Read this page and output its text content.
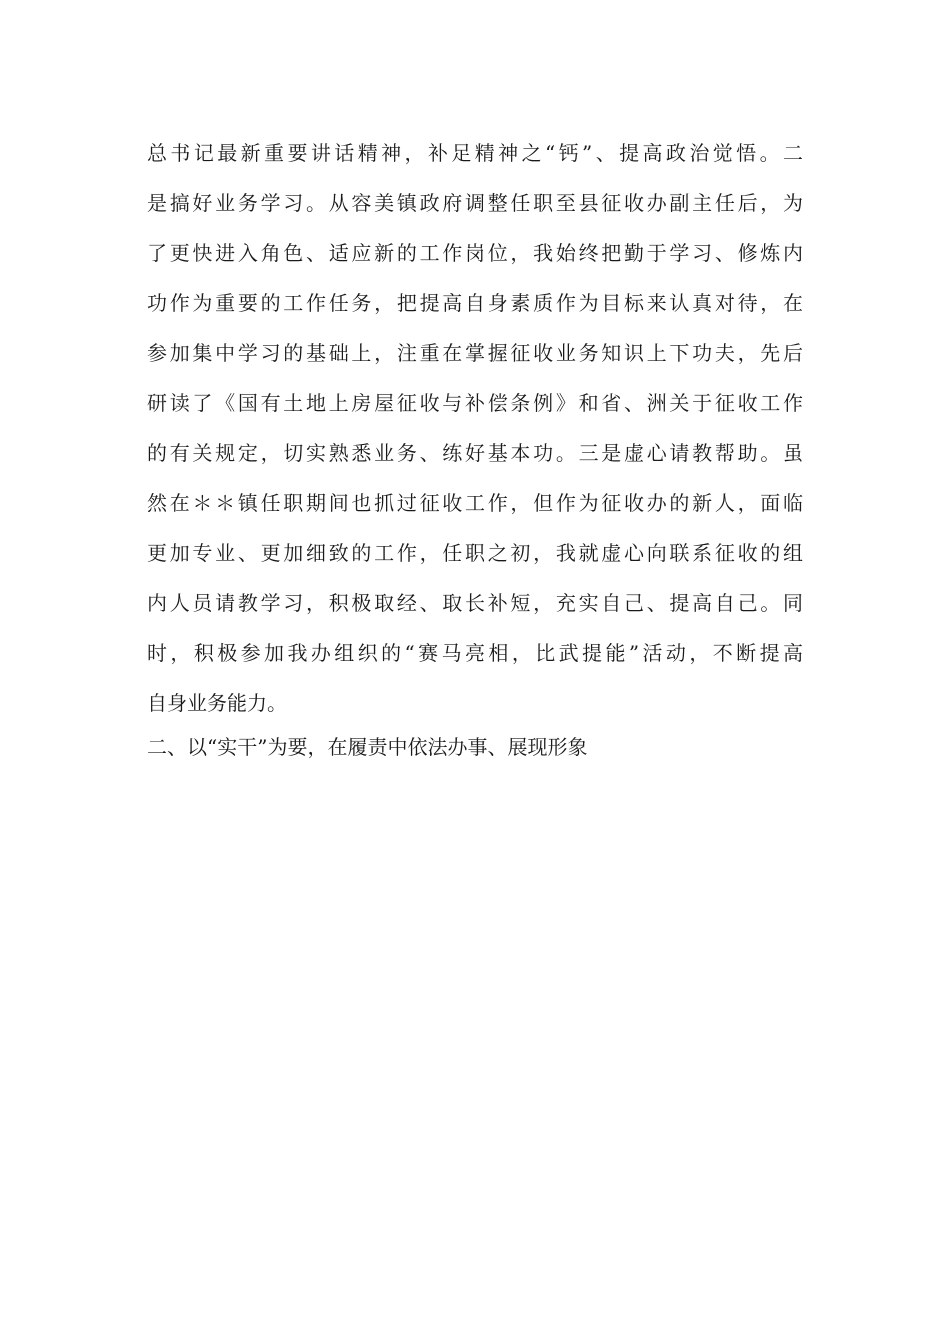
总书记最新重要讲话精神，补足精神之“钙”、提高政治觉悟。二
是搞好业务学习。从容美镇政府调整任职至县征收办副主任后，为
了更快进入角色、适应新的工作岗位，我始终把勤于学习、修炼内
功作为重要的工作任务，把提高自身素质作为目标来认真对待，在
参加集中学习的基础上，注重在掌握征收业务知识上下功夫，先后
研读了《国有土地上房屋征收与补偿条例》和省、洲关于征收工作
的有关规定，切实熟悉业务、练好基本功。三是虚心请教帮助。虽
然在＊＊镇任职期间也抓过征收工作，但作为征收办的新人，面临
更加专业、更加细致的工作，任职之初，我就虚心向联系征收的组
内人员请教学习，积极取经、取长补短，充实自己、提高自己。同
时，积极参加我办组织的“赛马亮相，比武提能”活动，不断提高
自身业务能力。
二、以“实干”为要，在履责中依法办事、展现形象
